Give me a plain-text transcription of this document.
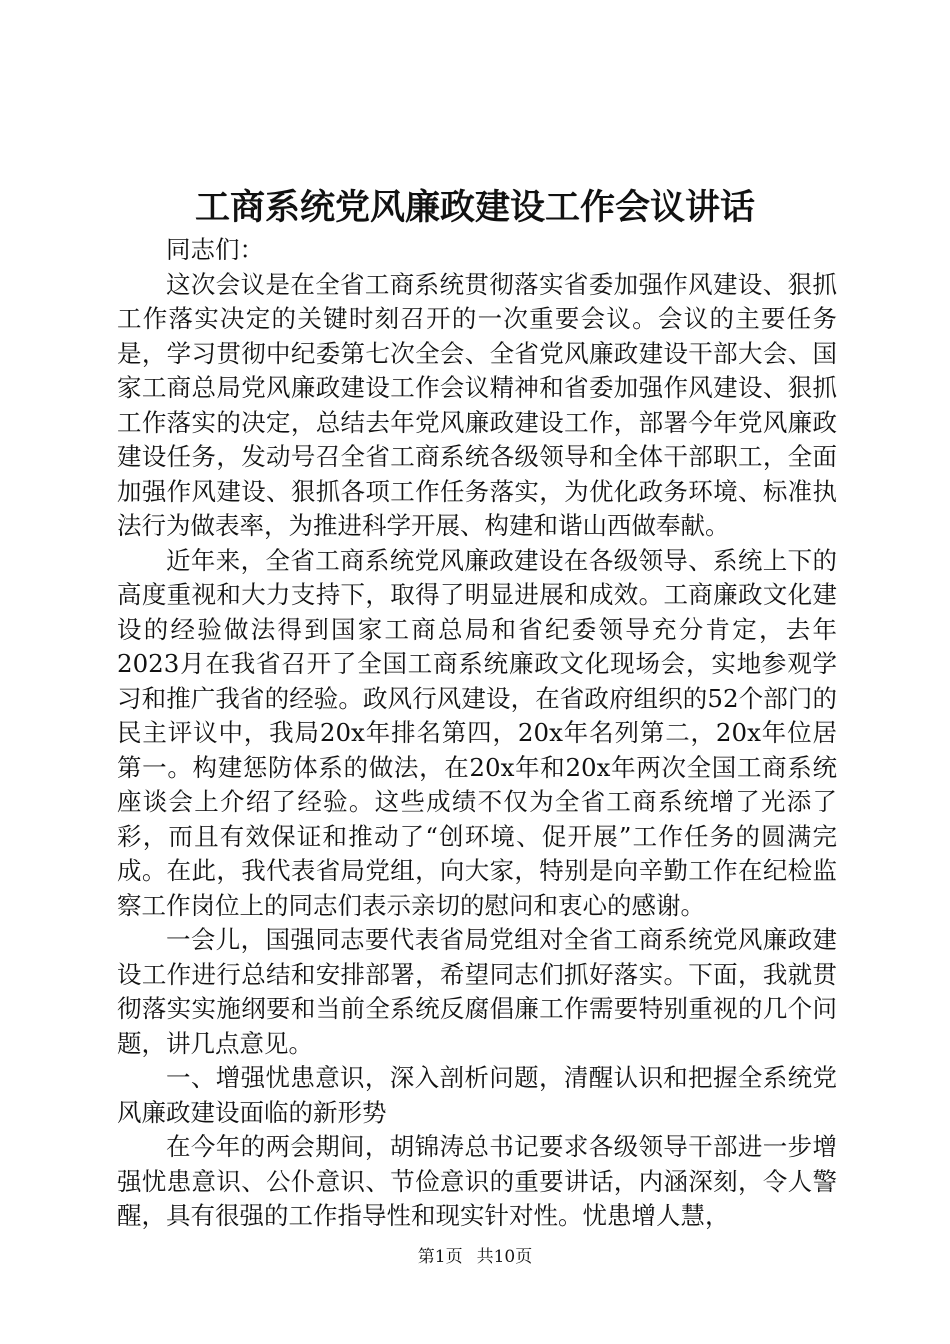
工商系统党风廉政建设工作会议讲话

同志们：

这次会议是在全省工商系统贯彻落实省委加强作风建设、狠抓工作落实决定的关键时刻召开的一次重要会议。会议的主要任务是，学习贯彻中纪委第七次全会、全省党风廉政建设干部大会、国家工商总局党风廉政建设工作会议精神和省委加强作风建设、狠抓工作落实的决定，总结去年党风廉政建设工作，部署今年党风廉政建设任务，发动号召全省工商系统各级领导和全体干部职工，全面加强作风建设、狠抓各项工作任务落实，为优化政务环境、标准执法行为做表率，为推进科学开展、构建和谐山西做奉献。

近年来，全省工商系统党风廉政建设在各级领导、系统上下的高度重视和大力支持下，取得了明显进展和成效。工商廉政文化建设的经验做法得到国家工商总局和省纪委领导充分肯定，去年2023月在我省召开了全国工商系统廉政文化现场会，实地参观学习和推广我省的经验。政风行风建设，在省政府组织的52个部门的民主评议中，我局20x年排名第四，20x年名列第二，20x年位居第一。构建惩防体系的做法，在20x年和20x年两次全国工商系统座谈会上介绍了经验。这些成绩不仅为全省工商系统增了光添了彩，而且有效保证和推动了“创环境、促开展”工作任务的圆满完成。在此，我代表省局党组，向大家，特别是向辛勤工作在纪检监察工作岗位上的同志们表示亲切的慰问和衷心的感谢。

一会儿，国强同志要代表省局党组对全省工商系统党风廉政建设工作进行总结和安排部署，希望同志们抓好落实。下面，我就贯彻落实实施纲要和当前全系统反腐倡廉工作需要特别重视的几个问题，讲几点意见。

一、增强忧患意识，深入剖析问题，清醒认识和把握全系统党风廉政建设面临的新形势

在今年的两会期间，胡锦涛总书记要求各级领导干部进一步增强忧患意识、公仆意识、节俭意识的重要讲话，内涵深刻，令人警醒，具有很强的工作指导性和现实针对性。忧患增人慧，

第1页 共10页
